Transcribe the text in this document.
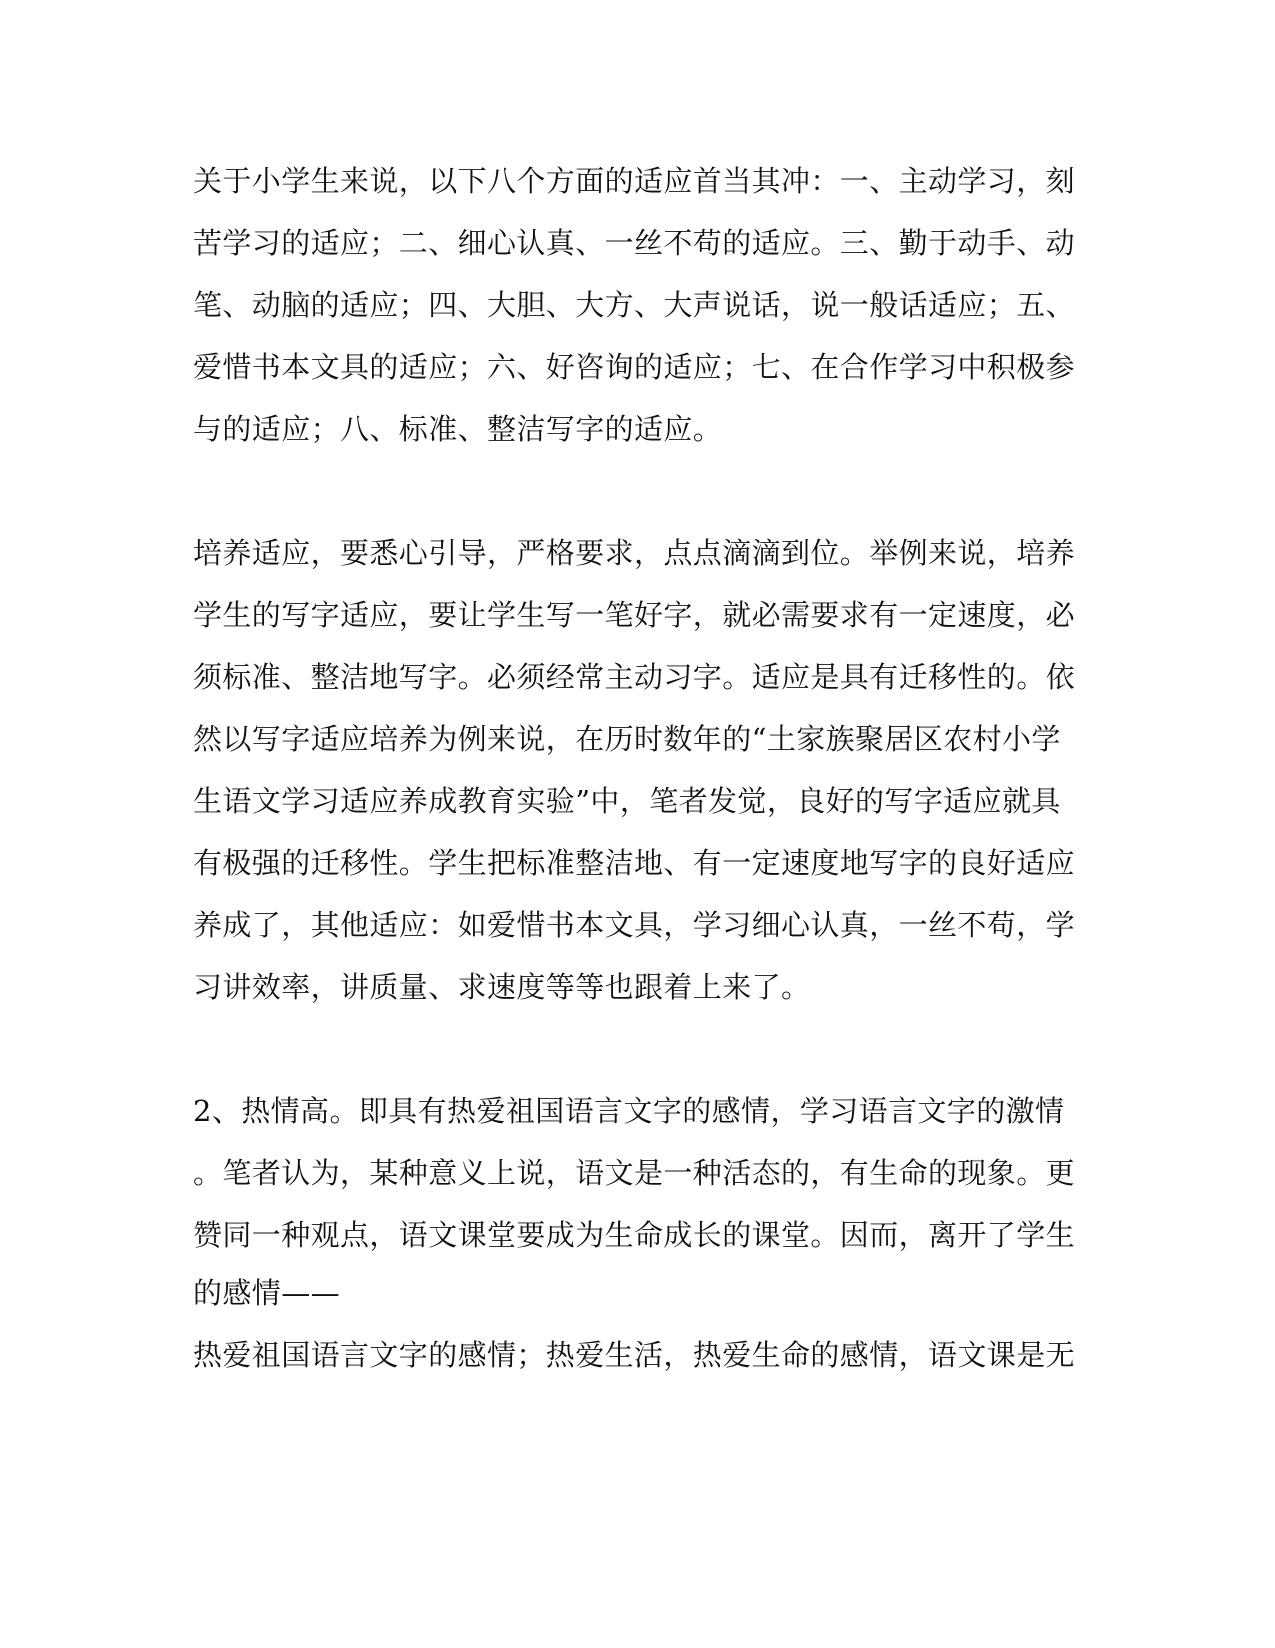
关于小学生来说，以下八个方面的适应首当其冲：一、主动学习，刻
苦学习的适应；二、细心认真、一丝不苟的适应。三、勤于动手、动
笔、动脑的适应；四、大胆、大方、大声说话，说一般话适应；五、
爱惜书本文具的适应；六、好咨询的适应；七、在合作学习中积极参
与的适应；八、标准、整洁写字的适应。
培养适应，要悉心引导，严格要求，点点滴滴到位。举例来说，培养
学生的写字适应，要让学生写一笔好字，就必需要求有一定速度，必
须标准、整洁地写字。必须经常主动习字。适应是具有迁移性的。依
然以写字适应培养为例来说，在历时数年的“土家族聚居区农村小学
生语文学习适应养成教育实验”中，笔者发觉，良好的写字适应就具
有极强的迁移性。学生把标准整洁地、有一定速度地写字的良好适应
养成了，其他适应：如爱惜书本文具，学习细心认真，一丝不苟，学
习讲效率，讲质量、求速度等等也跟着上来了。
2、热情高。即具有热爱祖国语言文字的感情，学习语言文字的激情
。笔者认为，某种意义上说，语文是一种活态的，有生命的现象。更
赞同一种观点，语文课堂要成为生命成长的课堂。因而，离开了学生
的感情——
热爱祖国语言文字的感情；热爱生活，热爱生命的感情，语文课是无
